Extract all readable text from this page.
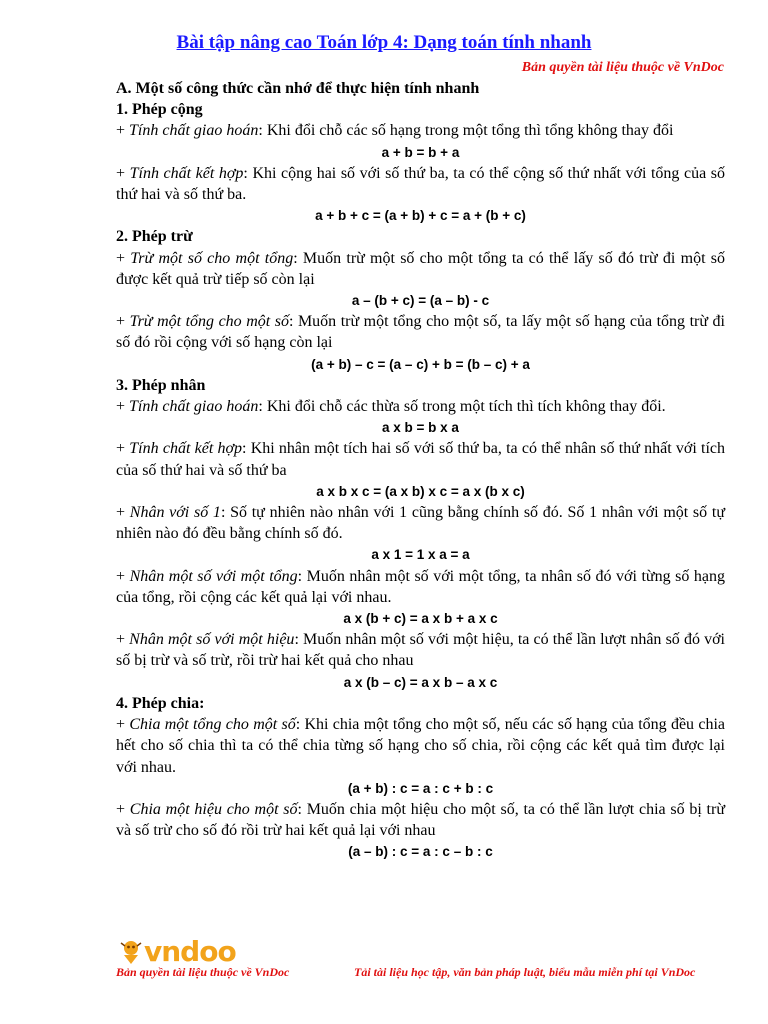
Bài tập nâng cao Toán lớp 4: Dạng toán tính nhanh
Bản quyền tài liệu thuộc về VnDoc

A. Một số công thức cần nhớ để thực hiện tính nhanh

1. Phép cộng

+ Tính chất giao hoán: Khi đổi chỗ các số hạng trong một tổng thì tổng không thay đổi

a + b = b + a

+ Tính chất kết hợp: Khi cộng hai số với số thứ ba, ta có thể cộng số thứ nhất với tổng của số thứ hai và số thứ ba.

a + b + c = (a + b) + c = a + (b + c)

2. Phép trừ

+ Trừ một số cho một tổng: Muốn trừ một số cho một tổng ta có thể lấy số đó trừ đi một số được kết quả trừ tiếp số còn lại

a – (b + c) = (a – b) - c

+ Trừ một tổng cho một số: Muốn trừ một tổng cho một số, ta lấy một số hạng của tổng trừ đi số đó rồi cộng với số hạng còn lại

(a + b) – c = (a – c) + b = (b – c) + a

3. Phép nhân

+ Tính chất giao hoán: Khi đổi chỗ các thừa số trong một tích thì tích không thay đổi.

a x b = b x a

+ Tính chất kết hợp: Khi nhân một tích hai số với số thứ ba, ta có thể nhân số thứ nhất với tích của số thứ hai và số thứ ba

a x b x c = (a x b) x c = a x (b x c)

+ Nhân với số 1: Số tự nhiên nào nhân với 1 cũng bằng chính số đó. Số 1 nhân với một số tự nhiên nào đó đều bằng chính số đó.

a x 1 = 1 x a = a

+ Nhân một số với một tổng: Muốn nhân một số với một tổng, ta nhân số đó với từng số hạng của tổng, rồi cộng các kết quả lại với nhau.

a x (b + c) = a x b + a x c

+ Nhân một số với một hiệu: Muốn nhân một số với một hiệu, ta có thể lần lượt nhân số đó với số bị trừ và số trừ, rồi trừ hai kết quả cho nhau

a x (b – c) = a x b – a x c

4. Phép chia:

+ Chia một tổng cho một số: Khi chia một tổng cho một số, nếu các số hạng của tổng đều chia hết cho số chia thì ta có thể chia từng số hạng cho số chia, rồi cộng các kết quả tìm được lại với nhau.

(a + b) : c = a : c + b : c

+ Chia một hiệu cho một số: Muốn chia một hiệu cho một số, ta có thể lần lượt chia số bị trừ và số trừ cho số đó rồi trừ hai kết quả lại với nhau

(a – b) : c = a : c – b : c

vndoo
Bản quyền tài liệu thuộc về VnDoc	Tải tài liệu học tập, văn bản pháp luật, biểu mẫu miễn phí tại VnDoc
